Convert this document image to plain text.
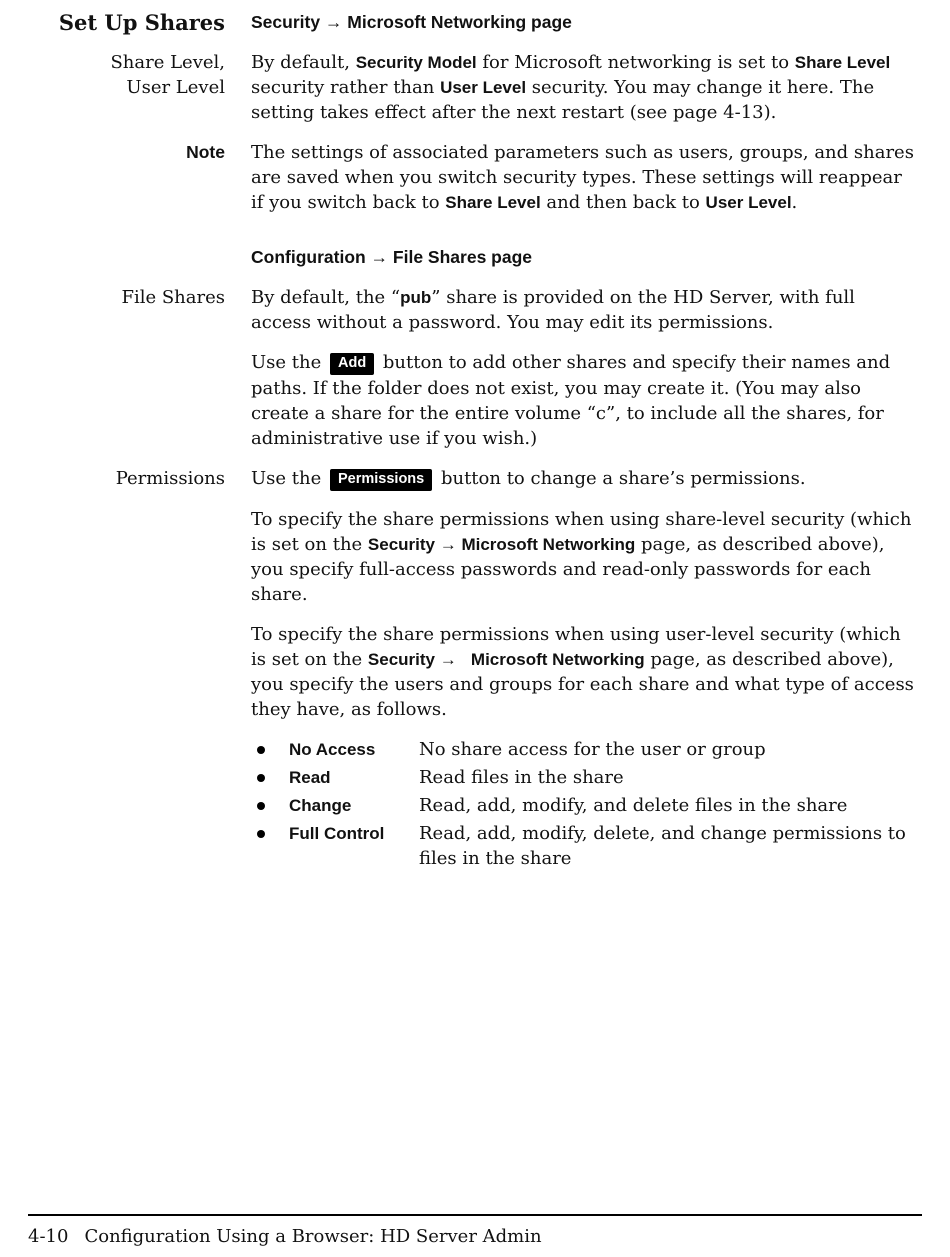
Set Up Shares Security → Microsoft Networking page
Share Level,
User Level
By default, Security Model for Microsoft networking is set to Share Level security rather than User Level security. You may change it here. The setting takes effect after the next restart (see page 4-13).
Note The settings of associated parameters such as users, groups, and shares are saved when you switch security types. These settings will reappear if you switch back to Share Level and then back to User Level.
Configuration → File Shares page
File Shares By default, the “pub” share is provided on the HD Server, with full access without a password. You may edit its permissions.
Use the Add button to add other shares and specify their names and paths. If the folder does not exist, you may create it. (You may also create a share for the entire volume “c”, to include all the shares, for administrative use if you wish.)
Permissions Use the Permissions button to change a share’s permissions.
To specify the share permissions when using share-level security (which is set on the Security → Microsoft Networking page, as described above), you specify full-access passwords and read-only passwords for each share.
To specify the share permissions when using user-level security (which is set on the Security →   Microsoft Networking page, as described above), you specify the users and groups for each share and what type of access they have, as follows.
No Access	No share access for the user or group
Read	Read files in the share
Change	Read, add, modify, and delete files in the share
Full Control	Read, add, modify, delete, and change permissions to files in the share
4-10 Configuration Using a Browser: HD Server Admin
